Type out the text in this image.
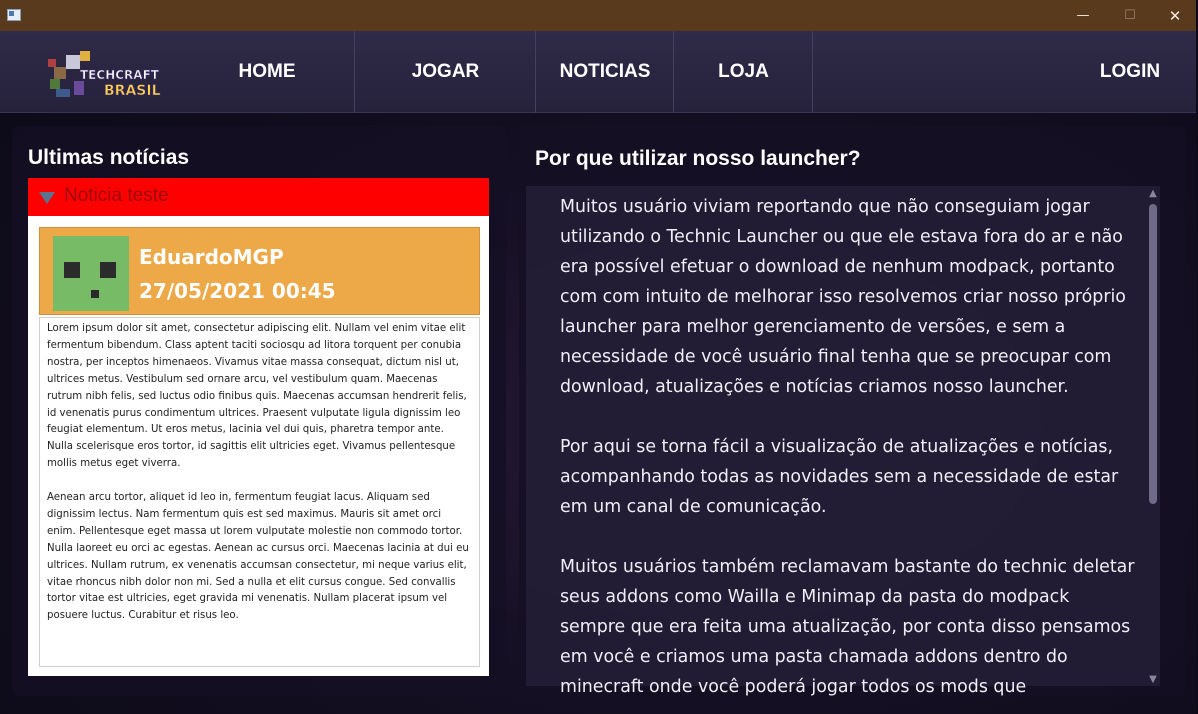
—	☐	✕
TECHCRAFT
BRASIL
HOME	JOGAR	NOTICIAS	LOJA	LOGIN
Ultimas notícias
Noticia teste
EduardoMGP
27/05/2021 00:45

Lorem ipsum dolor sit amet, consectetur adipiscing elit. Nullam vel enim vitae elit fermentum bibendum. Class aptent taciti sociosqu ad litora torquent per conubia nostra, per inceptos himenaeos. Vivamus vitae massa consequat, dictum nisl ut, ultrices metus. Vestibulum sed ornare arcu, vel vestibulum quam. Maecenas rutrum nibh felis, sed luctus odio finibus quis. Maecenas accumsan hendrerit felis, id venenatis purus condimentum ultrices. Praesent vulputate ligula dignissim leo feugiat elementum. Ut eros metus, lacinia vel dui quis, pharetra tempor ante. Nulla scelerisque eros tortor, id sagittis elit ultricies eget. Vivamus pellentesque mollis metus eget viverra.

Aenean arcu tortor, aliquet id leo in, fermentum feugiat lacus. Aliquam sed dignissim lectus. Nam fermentum quis est sed maximus. Mauris sit amet orci enim. Pellentesque eget massa ut lorem vulputate molestie non commodo tortor. Nulla laoreet eu orci ac egestas. Aenean ac cursus orci. Maecenas lacinia at dui eu ultrices. Nullam rutrum, ex venenatis accumsan consectetur, mi neque varius elit, vitae rhoncus nibh dolor non mi. Sed a nulla et elit cursus congue. Sed convallis tortor vitae est ultricies, eget gravida mi venenatis. Nullam placerat ipsum vel posuere luctus. Curabitur et risus leo.

Por que utilizar nosso launcher?

Muitos usuário viviam reportando que não conseguiam jogar utilizando o Technic Launcher ou que ele estava fora do ar e não era possível efetuar o download de nenhum modpack, portanto com com intuito de melhorar isso resolvemos criar nosso próprio launcher para melhor gerenciamento de versões, e sem a necessidade de você usuário final tenha que se preocupar com download, atualizações e notícias criamos nosso launcher.

Por aqui se torna fácil a visualização de atualizações e notícias, acompanhando todas as novidades sem a necessidade de estar em um canal de comunicação.

Muitos usuários também reclamavam bastante do technic deletar seus addons como Wailla e Minimap da pasta do modpack sempre que era feita uma atualização, por conta disso pensamos em você e criamos uma pasta chamada addons dentro do minecraft onde você poderá jogar todos os mods que

▲
▼
